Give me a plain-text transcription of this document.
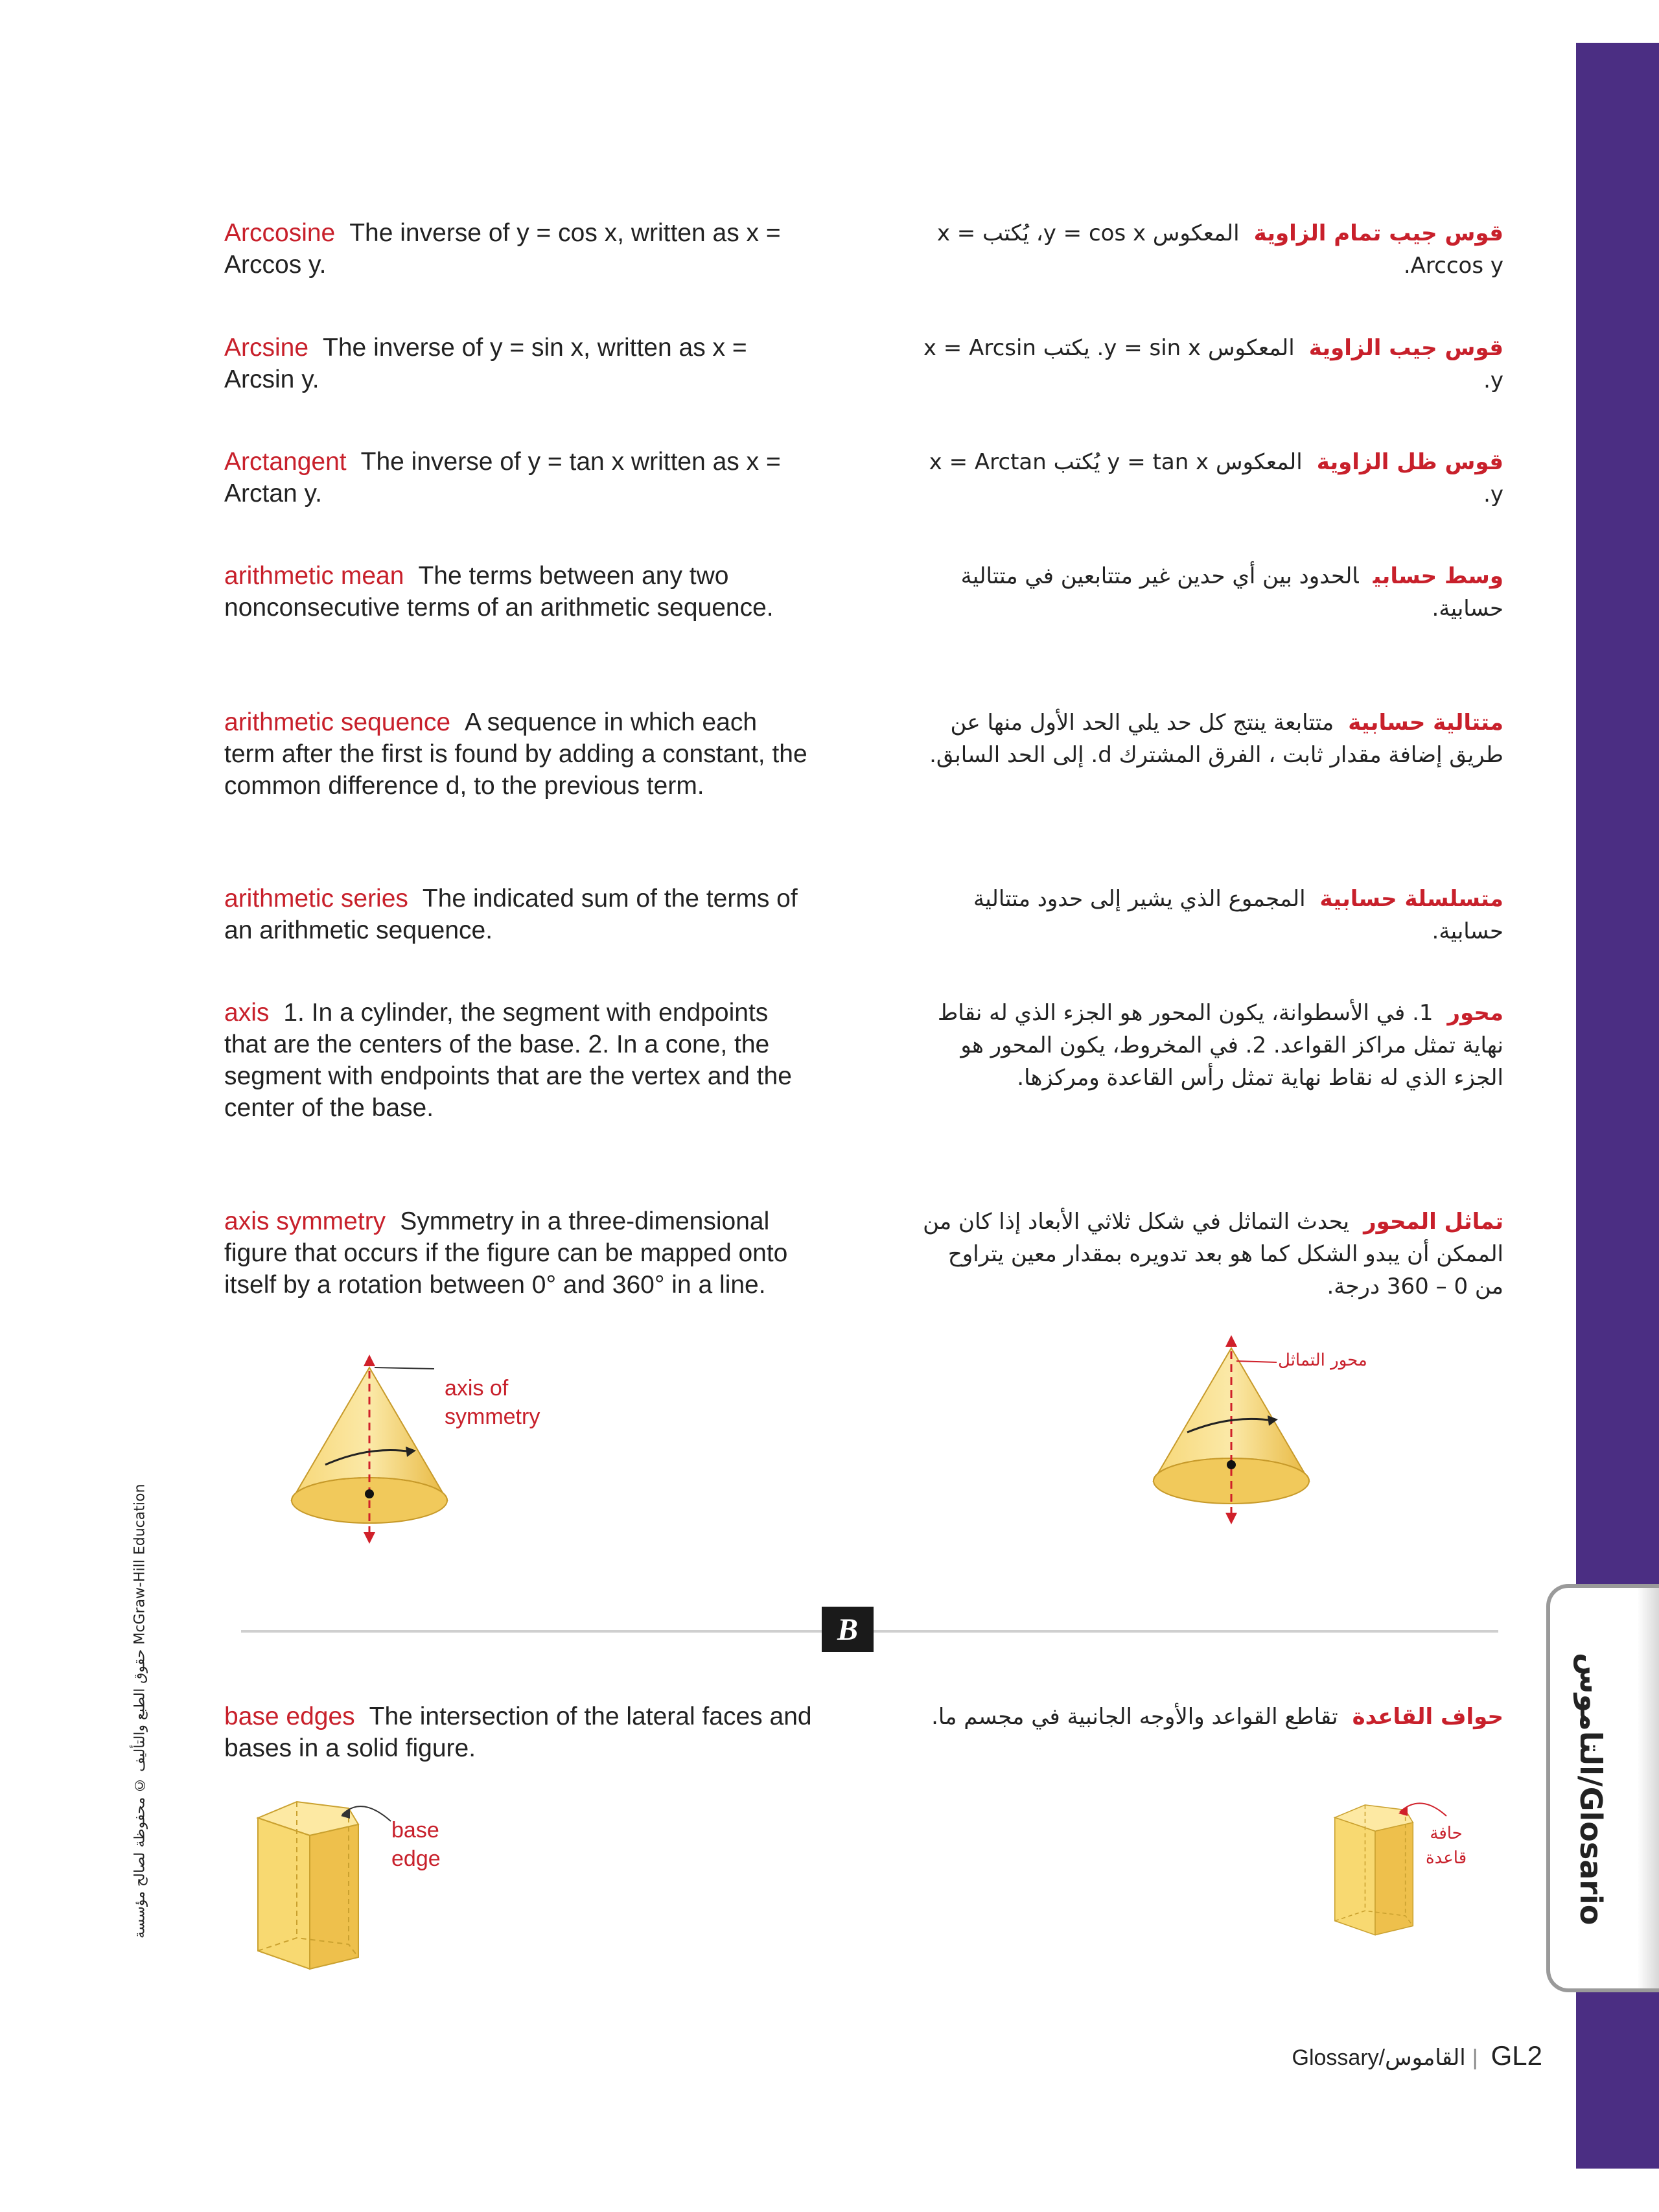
التاموس/Glosario
حقوق الطبع والتأليف © محفوظة لصالح مؤسسة McGraw-Hill Education
Arccosine The inverse of y = cos x, written as x = Arccos y.
Arcsine The inverse of y = sin x, written as x = Arcsin y.
Arctangent The inverse of y = tan x written as x = Arctan y.
arithmetic mean The terms between any two nonconsecutive terms of an arithmetic sequence.
arithmetic sequence A sequence in which each term after the first is found by adding a constant, the common difference d, to the previous term.
arithmetic series The indicated sum of the terms of an arithmetic sequence.
axis 1. In a cylinder, the segment with endpoints that are the centers of the base. 2. In a cone, the segment with endpoints that are the vertex and the center of the base.
axis symmetry Symmetry in a three-dimensional figure that occurs if the figure can be mapped onto itself by a rotation between 0° and 360° in a line.
base edges The intersection of the lateral faces and bases in a solid figure.
قوس جيب تمام الزاويةالمعكوس y = cos x، يُكتب x = Arccos y.
قوس جيب الزاويةالمعكوس y = sin x. يكتب x = Arcsin y.
قوس ظل الزاويةالمعكوس y = tan x يُكتب x = Arctan y.
وسط حسابيالحدود بين أي حدين غير متتابعين في متتالية حسابية.
متتالية حسابيةمتتابعة ينتج كل حد يلي الحد الأول منها عن طريق إضافة مقدار ثابت ، الفرق المشترك d. إلى الحد السابق.
متسلسلة حسابيةالمجموع الذي يشير إلى حدود متتالية حسابية.
محور1. في الأسطوانة، يكون المحور هو الجزء الذي له نقاط نهاية تمثل مراكز القواعد. 2. في المخروط، يكون المحور هو الجزء الذي له نقاط نهاية تمثل رأس القاعدة ومركزها.
تماثل المحوريحدث التماثل في شكل ثلاثي الأبعاد إذا كان من الممكن أن يبدو الشكل كما هو بعد تدويره بمقدار معين يتراوح من 0 – 360 درجة.
حواف القاعدةتقاطع القواعد والأوجه الجانبية في مجسم ما.
axis of
symmetry
محور التماثل
B
base
edge
حافة
قاعدة
Glossary/القاموس | GL2
